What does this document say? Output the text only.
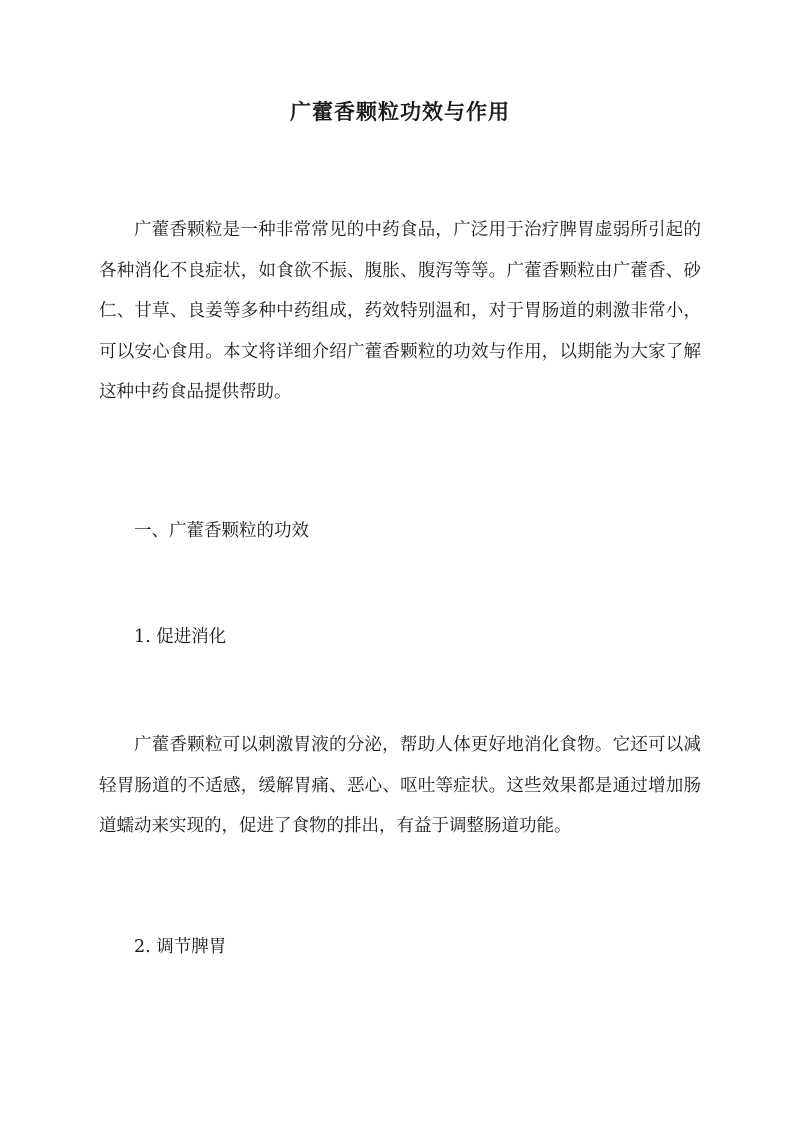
广藿香颗粒功效与作用

广藿香颗粒是一种非常常见的中药食品，广泛用于治疗脾胃虚弱所引起的各种消化不良症状，如食欲不振、腹胀、腹泻等等。广藿香颗粒由广藿香、砂仁、甘草、良姜等多种中药组成，药效特别温和，对于胃肠道的刺激非常小，可以安心食用。本文将详细介绍广藿香颗粒的功效与作用，以期能为大家了解这种中药食品提供帮助。

一、广藿香颗粒的功效
1. 促进消化

广藿香颗粒可以刺激胃液的分泌，帮助人体更好地消化食物。它还可以减轻胃肠道的不适感，缓解胃痛、恶心、呕吐等症状。这些效果都是通过增加肠道蠕动来实现的，促进了食物的排出，有益于调整肠道功能。

2. 调节脾胃
